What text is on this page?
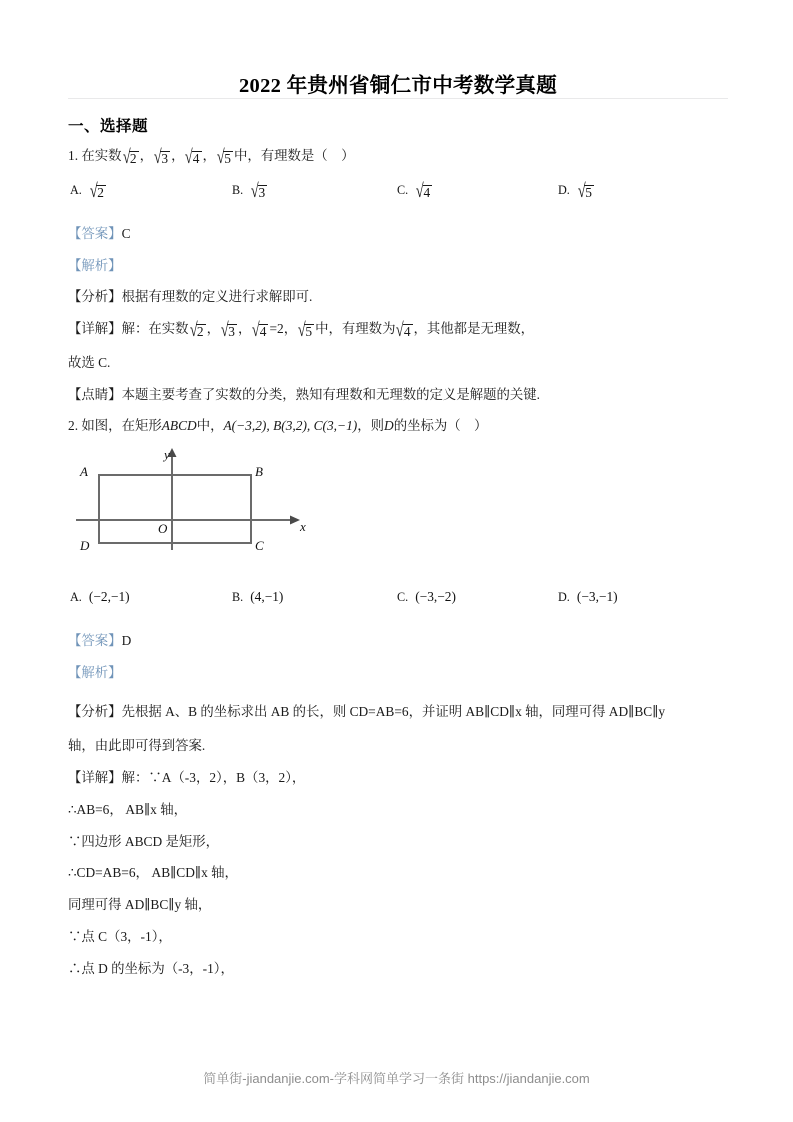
2022 年贵州省铜仁市中考数学真题
一、选择题
1. 在实数√2 ，√3 ，√4 ，√5 中，有理数是（ ）
A. √2	B. √3	C. √4	D. √5
【答案】C
【解析】
【分析】根据有理数的定义进行求解即可.
【详解】解：在实数√2 ，√3 ，√4 =2，√5 中，有理数为√4 ，其他都是无理数，
故选 C.
【点睛】本题主要考查了实数的分类，熟知有理数和无理数的定义是解题的关键.
2. 如图，在矩形ABCD中，A(−3,2), B(3,2), C(3,−1)，则D的坐标为（ ）
y
x
O
A	B
C
D
A. (−2,−1)	B. (4,−1)	C. (−3,−2)	D. (−3,−1)
【答案】D
【解析】
【分析】先根据 A、B 的坐标求出 AB 的长，则 CD=AB=6，并证明 AB∥CD∥x 轴，同理可得 AD∥BC∥y
轴，由此即可得到答案.
【详解】解：∵A（-3，2），B（3，2），
∴AB=6， AB∥x 轴，
∵四边形 ABCD 是矩形，
∴CD=AB=6， AB∥CD∥x 轴，
同理可得 AD∥BC∥y 轴，
∵点 C（3，-1），
∴点 D 的坐标为（-3，-1），
简单街-jiandanjie.com-学科网简单学习一条街 https://jiandanjie.com
